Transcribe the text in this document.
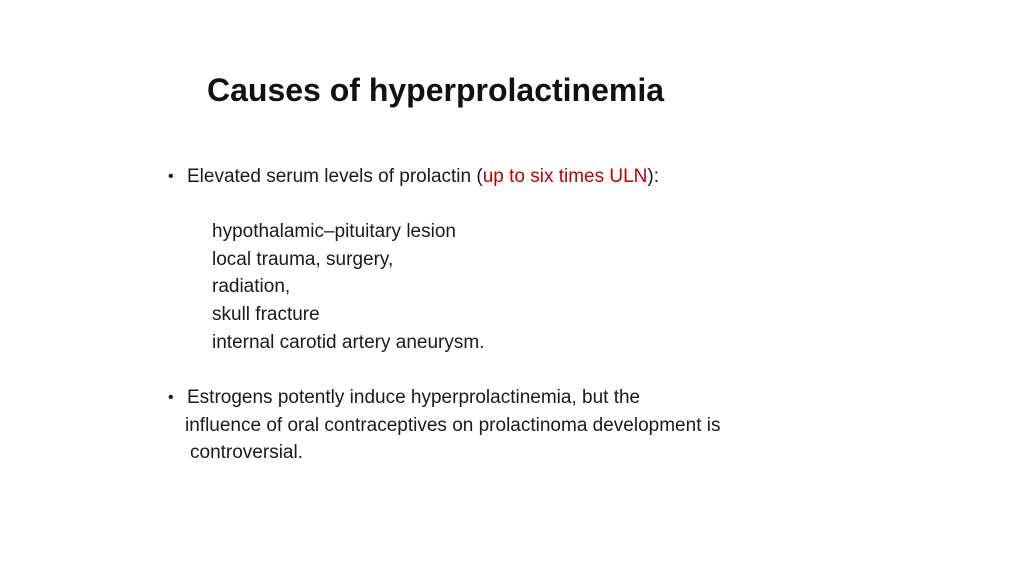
Causes of hyperprolactinemia
• Elevated serum levels of prolactin (up to six times ULN):
hypothalamic–pituitary lesion
local trauma, surgery,
radiation,
skull fracture
internal carotid artery aneurysm.
• Estrogens potently induce hyperprolactinemia, but the
influence of oral contraceptives on prolactinoma development is
controversial.
